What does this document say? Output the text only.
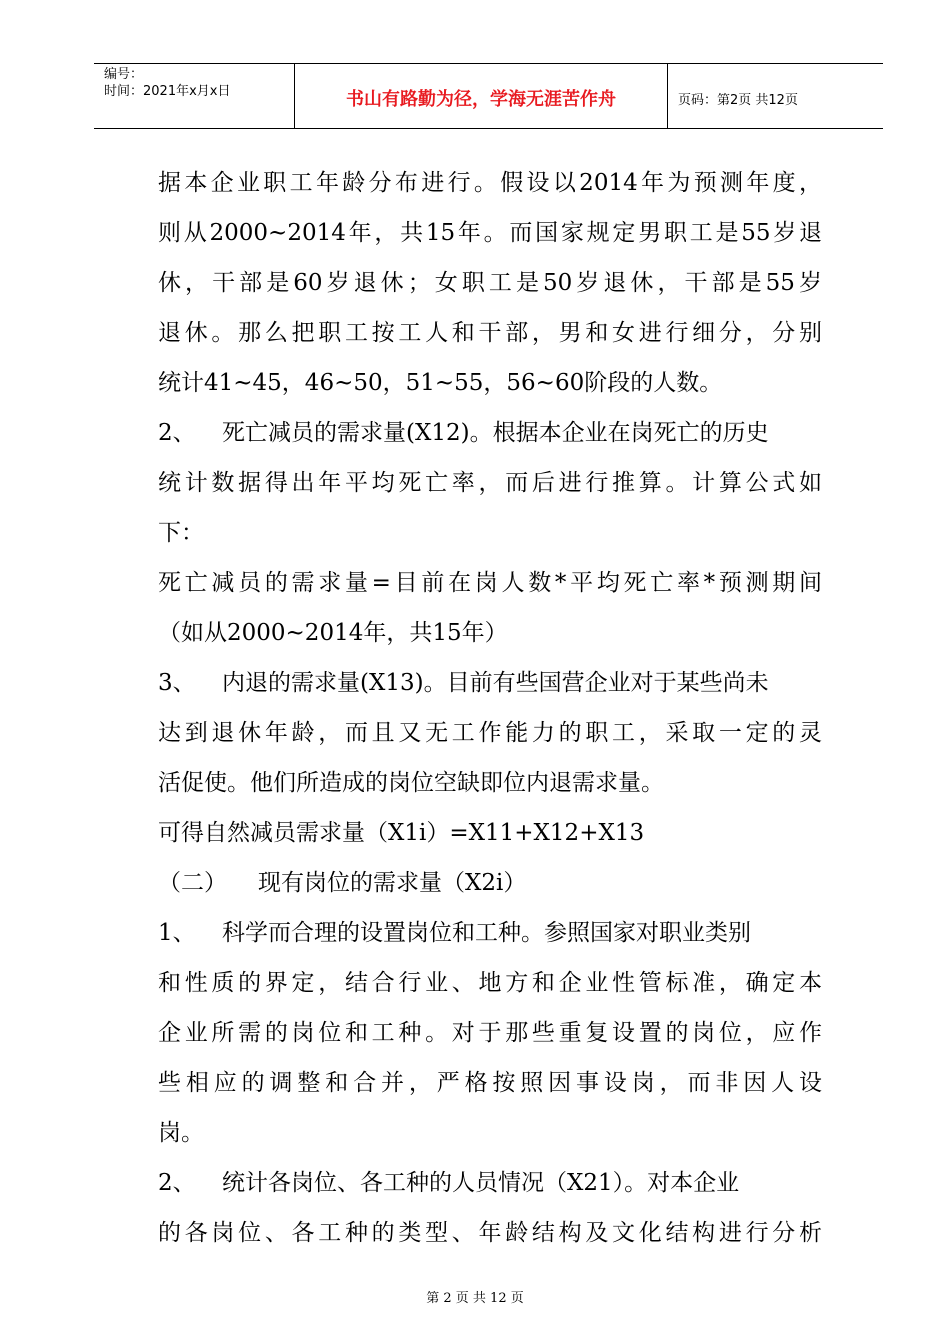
编号：
时间：2021年x月x日	书山有路勤为径，学海无涯苦作舟	页码：第2页 共12页
据本企业职工年龄分布进行。假设以2014年为预测年度，
则从2000~2014年，共15年。而国家规定男职工是55岁退
休，干部是60岁退休；女职工是50岁退休，干部是55岁
退休。那么把职工按工人和干部，男和女进行细分，分别
统计41~45，46~50，51~55，56~60阶段的人数。
2、 死亡减员的需求量(X12)。根据本企业在岗死亡的历史
统计数据得出年平均死亡率，而后进行推算。计算公式如
下：
死亡减员的需求量=目前在岗人数*平均死亡率*预测期间
（如从2000~2014年，共15年）
3、 内退的需求量(X13)。目前有些国营企业对于某些尚未
达到退休年龄，而且又无工作能力的职工，采取一定的灵
活促使。他们所造成的岗位空缺即位内退需求量。
可得自然减员需求量（X1i）=X11+X12+X13
（二） 现有岗位的需求量（X2i）
1、 科学而合理的设置岗位和工种。参照国家对职业类别
和性质的界定，结合行业、地方和企业性管标准，确定本
企业所需的岗位和工种。对于那些重复设置的岗位，应作
些相应的调整和合并，严格按照因事设岗，而非因人设
岗。
2、 统计各岗位、各工种的人员情况（X21）。对本企业
的各岗位、各工种的类型、年龄结构及文化结构进行分析
第 2 页 共 12 页
